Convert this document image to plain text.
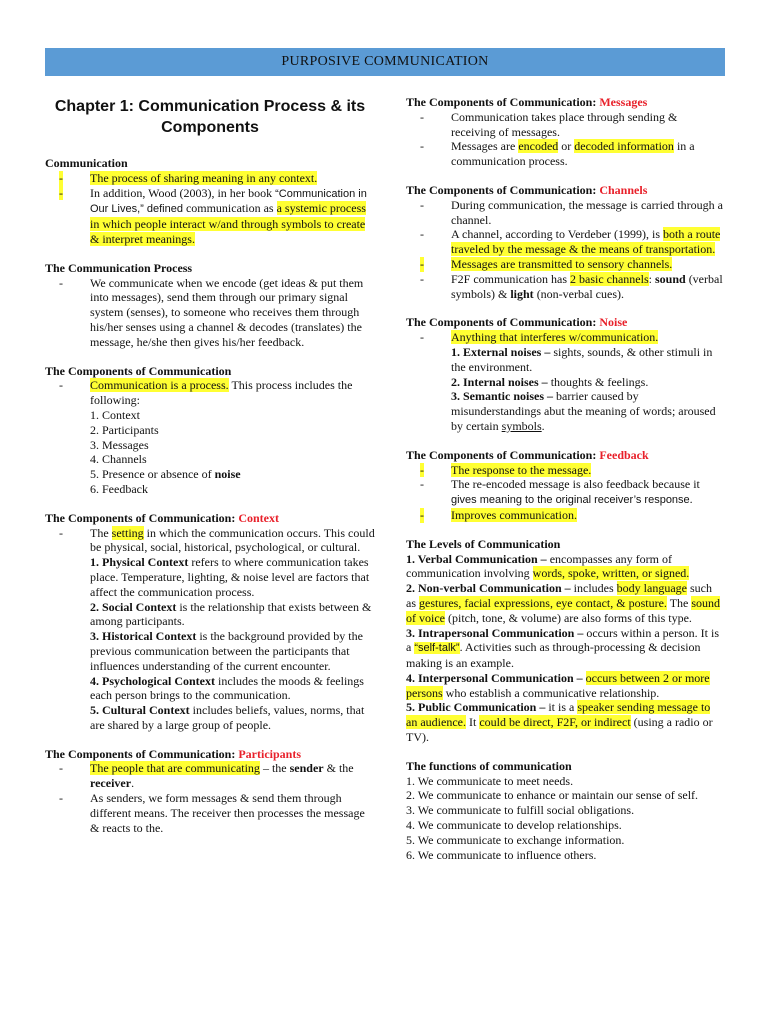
PURPOSIVE COMMUNICATION
Chapter 1: Communication Process & its Components
Communication
- The process of sharing meaning in any context.
- In addition, Wood (2003), in her book “Communication in Our Lives,” defined communication as a systemic process in which people interact w/and through symbols to create & interpret meanings.
The Communication Process
- We communicate when we encode (get ideas & put them into messages), send them through our primary signal system (senses), to someone who receives them through his/her senses using a channel & decodes (translates) the message, he/she then gives his/her feedback.
The Components of Communication
- Communication is a process. This process includes the following:
1. Context
2. Participants
3. Messages
4. Channels
5. Presence or absence of noise
6. Feedback
The Components of Communication: Context
- The setting in which the communication occurs. This could be physical, social, historical, psychological, or cultural.
1. Physical Context refers to where communication takes place. Temperature, lighting, & noise level are factors that affect the communication process.
2. Social Context is the relationship that exists between & among participants.
3. Historical Context is the background provided by the previous communication between the participants that influences understanding of the current encounter.
4. Psychological Context includes the moods & feelings each person brings to the communication.
5. Cultural Context includes beliefs, values, norms, that are shared by a large group of people.
The Components of Communication: Participants
- The people that are communicating – the sender & the receiver.
- As senders, we form messages & send them through different means. The receiver then processes the message & reacts to the.
The Components of Communication: Messages
- Communication takes place through sending & receiving of messages.
- Messages are encoded or decoded information in a communication process.
The Components of Communication: Channels
- During communication, the message is carried through a channel.
- A channel, according to Verdeber (1999), is both a route traveled by the message & the means of transportation.
- Messages are transmitted to sensory channels.
- F2F communication has 2 basic channels: sound (verbal symbols) & light (non-verbal cues).
The Components of Communication: Noise
- Anything that interferes w/communication.
1. External noises – sights, sounds, & other stimuli in the environment.
2. Internal noises – thoughts & feelings.
3. Semantic noises – barrier caused by misunderstandings abut the meaning of words; aroused by certain symbols.
The Components of Communication: Feedback
- The response to the message.
- The re-encoded message is also feedback because it gives meaning to the original receiver’s response.
- Improves communication.
The Levels of Communication
1. Verbal Communication – encompasses any form of communication involving words, spoke, written, or signed.
2. Non-verbal Communication – includes body language such as gestures, facial expressions, eye contact, & posture. The sound of voice (pitch, tone, & volume) are also forms of this type.
3. Intrapersonal Communication – occurs within a person. It is a “self-talk”. Activities such as through-processing & decision making is an example.
4. Interpersonal Communication – occurs between 2 or more persons who establish a communicative relationship.
5. Public Communication – it is a speaker sending message to an audience. It could be direct, F2F, or indirect (using a radio or TV).
The functions of communication
1. We communicate to meet needs.
2. We communicate to enhance or maintain our sense of self.
3. We communicate to fulfill social obligations.
4. We communicate to develop relationships.
5. We communicate to exchange information.
6. We communicate to influence others.
